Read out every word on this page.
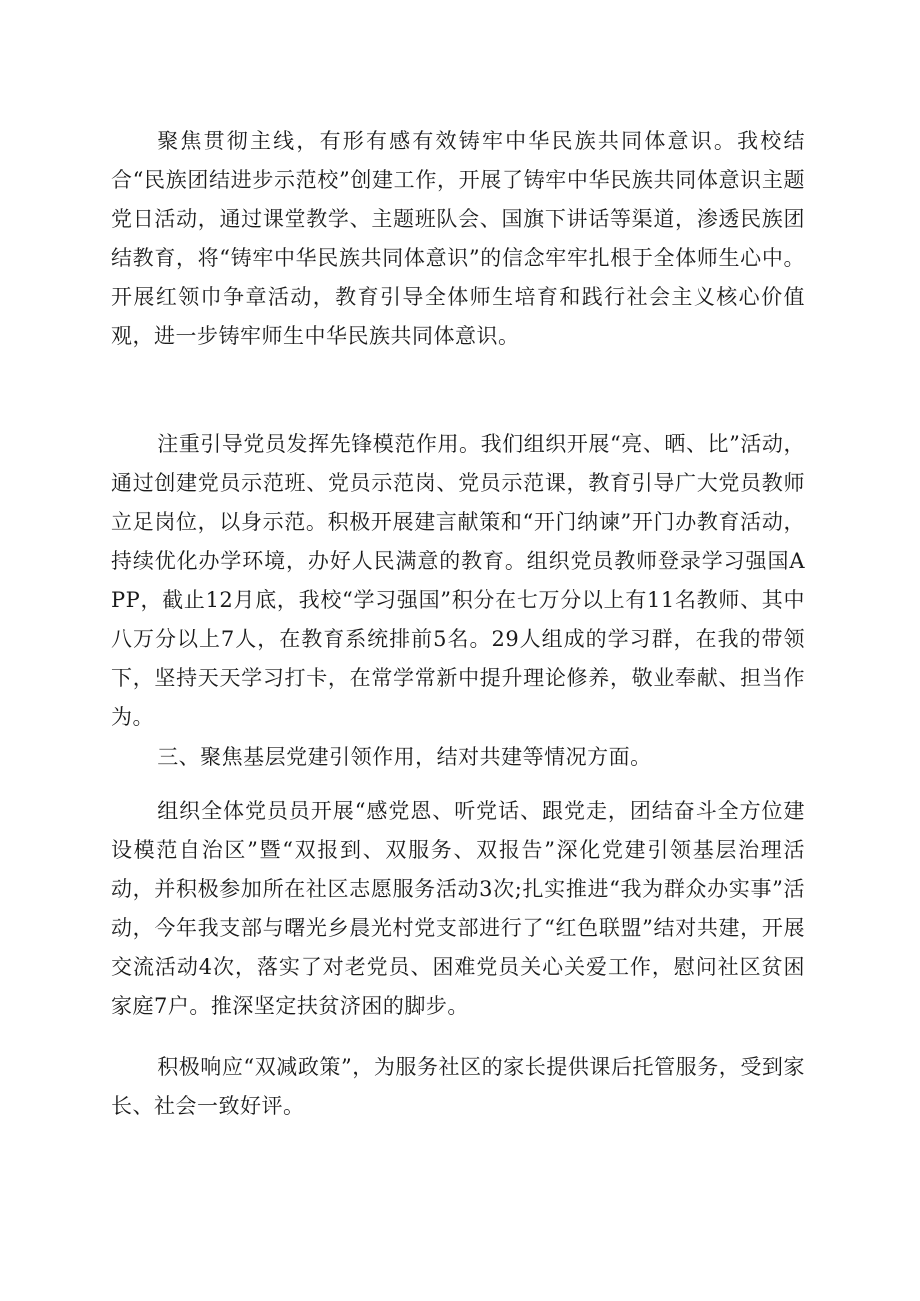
聚焦贯彻主线，有形有感有效铸牢中华民族共同体意识。我校结合“民族团结进步示范校”创建工作，开展了铸牢中华民族共同体意识主题党日活动，通过课堂教学、主题班队会、国旗下讲话等渠道，渗透民族团结教育，将“铸牢中华民族共同体意识”的信念牢牢扎根于全体师生心中。开展红领巾争章活动，教育引导全体师生培育和践行社会主义核心价值观，进一步铸牢师生中华民族共同体意识。

注重引导党员发挥先锋模范作用。我们组织开展“亮、晒、比”活动，通过创建党员示范班、党员示范岗、党员示范课，教育引导广大党员教师立足岗位，以身示范。积极开展建言献策和“开门纳谏”开门办教育活动，持续优化办学环境，办好人民满意的教育。组织党员教师登录学习强国APP，截止12月底，我校“学习强国”积分在七万分以上有11名教师、其中八万分以上7人，在教育系统排前5名。29人组成的学习群，在我的带领下，坚持天天学习打卡，在常学常新中提升理论修养，敬业奉献、担当作为。

三、聚焦基层党建引领作用，结对共建等情况方面。

组织全体党员员开展“感党恩、听党话、跟党走，团结奋斗全方位建设模范自治区”暨“双报到、双服务、双报告”深化党建引领基层治理活动，并积极参加所在社区志愿服务活动3次;扎实推进“我为群众办实事”活动，今年我支部与曙光乡晨光村党支部进行了“红色联盟”结对共建，开展交流活动4次，落实了对老党员、困难党员关心关爱工作，慰问社区贫困家庭7户。推深坚定扶贫济困的脚步。

积极响应“双减政策”，为服务社区的家长提供课后托管服务，受到家长、社会一致好评。
